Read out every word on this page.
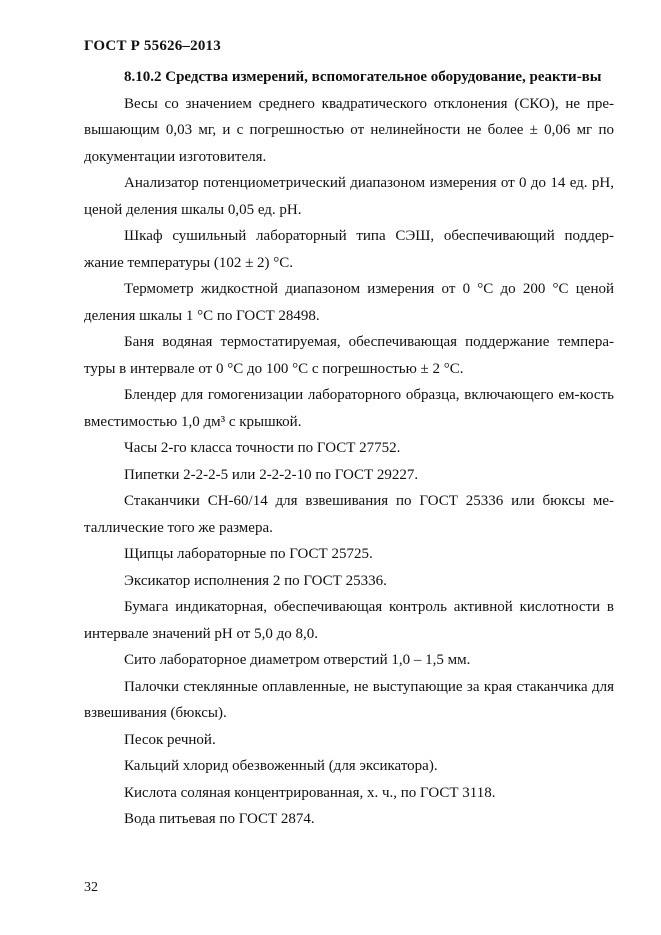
ГОСТ Р 55626–2013

8.10.2 Средства измерений, вспомогательное оборудование, реакти-вы

Весы со значением среднего квадратического отклонения (СКО), не пре-вышающим 0,03 мг, и с погрешностью от нелинейности не более ± 0,06 мг по документации изготовителя.

Анализатор потенциометрический диапазоном измерения от 0 до 14 ед. pH, ценой деления шкалы 0,05 ед. pH.

Шкаф сушильный лабораторный типа СЭШ, обеспечивающий поддер-жание температуры (102 ± 2) °С.

Термометр жидкостной диапазоном измерения от 0 °С до 200 °С ценой деления шкалы 1 °С по ГОСТ 28498.

Баня водяная термостатируемая, обеспечивающая поддержание темпера-туры в интервале от 0 °С до 100 °С с погрешностью ± 2 °С.

Блендер для гомогенизации лабораторного образца, включающего ем-кость вместимостью 1,0 дм³ с крышкой.

Часы 2-го класса точности по ГОСТ 27752.

Пипетки 2-2-2-5 или 2-2-2-10 по ГОСТ 29227.

Стаканчики СН-60/14 для взвешивания по ГОСТ 25336 или бюксы ме-таллические того же размера.

Щипцы лабораторные по ГОСТ 25725.

Эксикатор исполнения 2 по ГОСТ 25336.

Бумага индикаторная, обеспечивающая контроль активной кислотности в интервале значений pH от 5,0 до 8,0.

Сито лабораторное диаметром отверстий 1,0 – 1,5 мм.

Палочки стеклянные оплавленные, не выступающие за края стаканчика для взвешивания (бюксы).

Песок речной.

Кальций хлорид обезвоженный (для эксикатора).

Кислота соляная концентрированная, х. ч., по ГОСТ 3118.

Вода питьевая по ГОСТ 2874.

32
